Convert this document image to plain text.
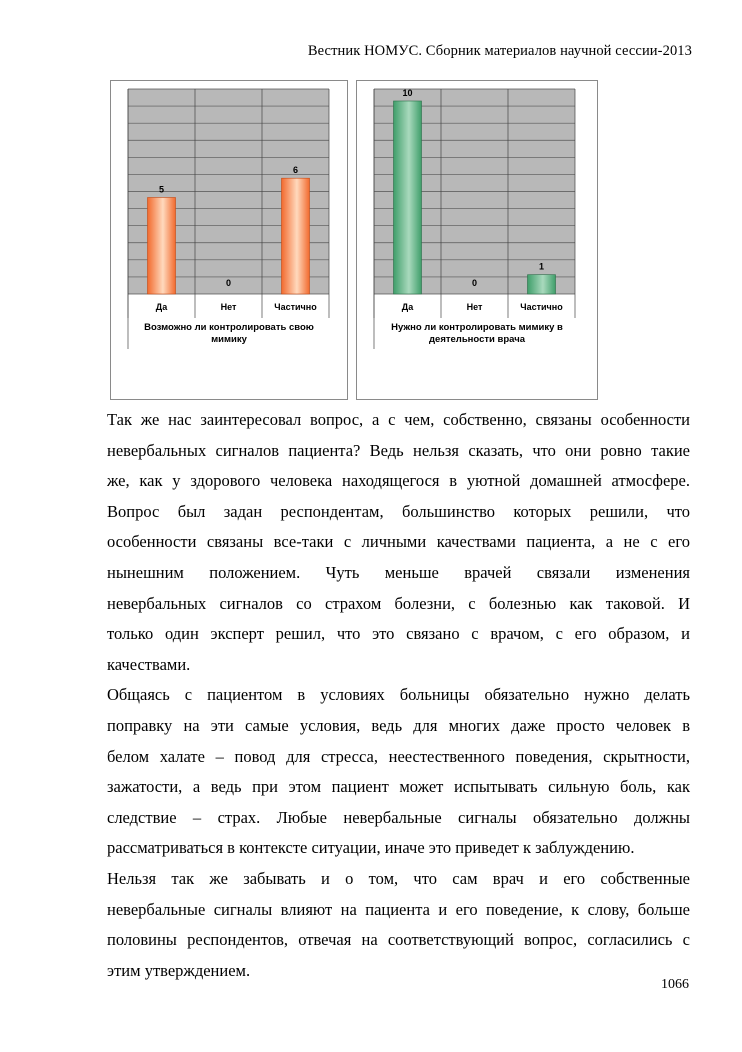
Вестник НОМУС. Сборник материалов научной сессии-2013
5
Да
0
Нет
6
Частично
Возможно ли контролировать свою
мимику
10
Да
0
Нет
1
Частично
Нужно ли контролировать мимику в
деятельности врача
Так же нас заинтересовал вопрос, а с чем, собственно, связаны особенности
невербальных сигналов пациента? Ведь нельзя сказать, что они ровно такие
же, как у здорового человека находящегося в уютной домашней атмосфере.
Вопрос был задан респондентам, большинство которых решили, что
особенности связаны все-таки с личными качествами пациента, а не с его
нынешним положением. Чуть меньше врачей связали изменения
невербальных сигналов со страхом болезни, с болезнью как таковой. И
только один эксперт решил, что это связано с врачом, с его образом, и
качествами.
Общаясь с пациентом в условиях больницы обязательно нужно делать
поправку на эти самые условия, ведь для многих даже просто человек в
белом халате – повод для стресса, неестественного поведения, скрытности,
зажатости, а ведь при этом пациент может испытывать сильную боль, как
следствие – страх. Любые невербальные сигналы обязательно должны
рассматриваться в контексте ситуации, иначе это приведет к заблуждению.
Нельзя так же забывать и о том, что сам врач и его собственные
невербальные сигналы влияют на пациента и его поведение, к слову, больше
половины респондентов, отвечая на соответствующий вопрос, согласились с
этим утверждением.
1066
